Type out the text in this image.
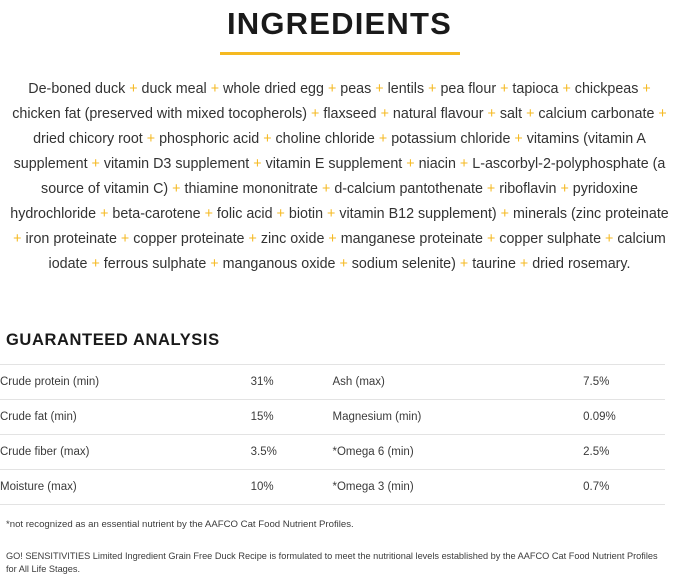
INGREDIENTS
De-boned duck + duck meal + whole dried egg + peas + lentils + pea flour + tapioca + chickpeas + chicken fat (preserved with mixed tocopherols) + flaxseed + natural flavour + salt + calcium carbonate + dried chicory root + phosphoric acid + choline chloride + potassium chloride + vitamins (vitamin A supplement + vitamin D3 supplement + vitamin E supplement + niacin + L-ascorbyl-2-polyphosphate (a source of vitamin C) + thiamine mononitrate + d-calcium pantothenate + riboflavin + pyridoxine hydrochloride + beta-carotene + folic acid + biotin + vitamin B12 supplement) + minerals (zinc proteinate + iron proteinate + copper proteinate + zinc oxide + manganese proteinate + copper sulphate + calcium iodate + ferrous sulphate + manganous oxide + sodium selenite) + taurine + dried rosemary.
GUARANTEED ANALYSIS
Crude protein (min)	31%	Ash (max)	7.5%
Crude fat (min)	15%	Magnesium (min)	0.09%
Crude fiber (max)	3.5%	*Omega 6 (min)	2.5%
Moisture (max)	10%	*Omega 3 (min)	0.7%
*not recognized as an essential nutrient by the AAFCO Cat Food Nutrient Profiles.
GO! SENSITIVITIES Limited Ingredient Grain Free Duck Recipe is formulated to meet the nutritional levels established by the AAFCO Cat Food Nutrient Profiles for All Life Stages.
